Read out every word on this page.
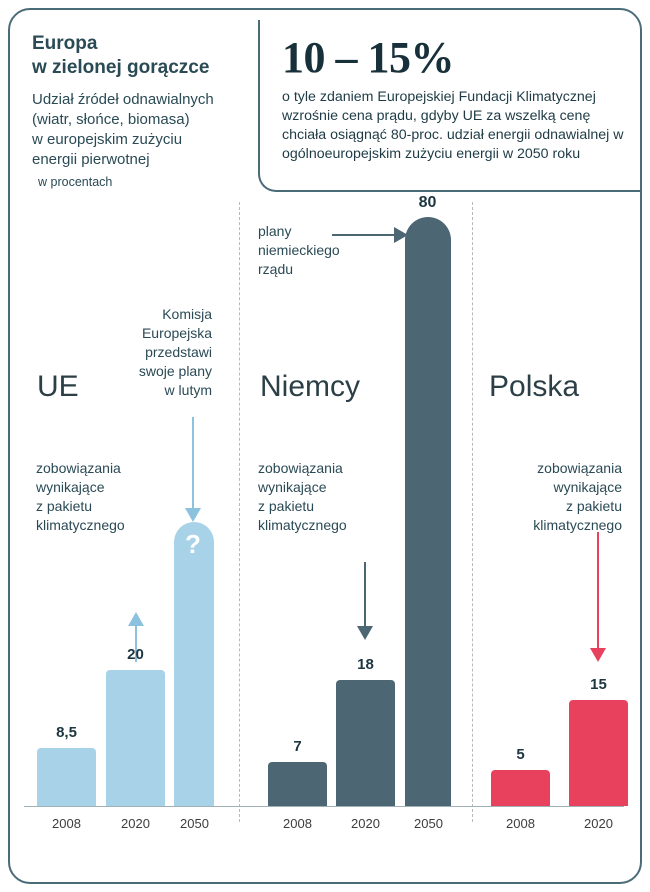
Europa
w zielonej gorączce
Udział źródeł odnawialnych
(wiatr, słońce, biomasa)
w europejskim zużyciu
energii pierwotnej
w procentach
10 – 15%
o tyle zdaniem Europejskiej Fundacji Klimatycznej wzrośnie cena prądu, gdyby UE za wszelką cenę chciała osiągnąć 80-proc. udział energii odnawialnej w ogólnoeuropejskim zużyciu energii w 2050 roku
UE
zobowiązania
wynikające
z pakietu
klimatycznego
Komisja
Europejska
przedstawi
swoje plany
w lutym
?
8,5
20
2008	2020	2050
Niemcy
plany
niemieckiego
rządu
zobowiązania
wynikające
z pakietu
klimatycznego
7
18
80
2008	2020	2050
Polska
zobowiązania
wynikające
z pakietu
klimatycznego
5
15
2008	2020
